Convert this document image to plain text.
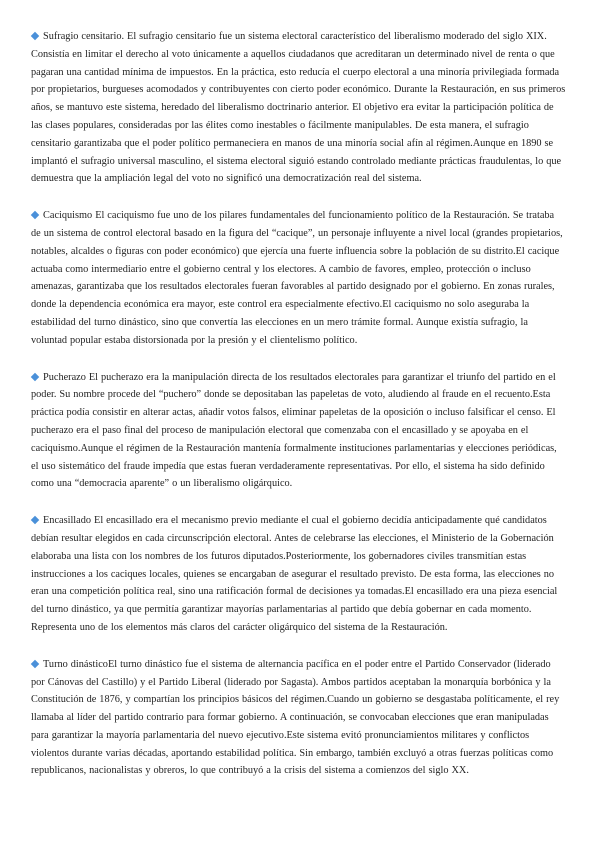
Sufragio censitario. El sufragio censitario fue un sistema electoral característico del liberalismo moderado del siglo XIX. Consistía en limitar el derecho al voto únicamente a aquellos ciudadanos que acreditaran un determinado nivel de renta o que pagaran una cantidad mínima de impuestos. En la práctica, esto reducía el cuerpo electoral a una minoría privilegiada formada por propietarios, burgueses acomodados y contribuyentes con cierto poder económico. Durante la Restauración, en sus primeros años, se mantuvo este sistema, heredado del liberalismo doctrinario anterior. El objetivo era evitar la participación política de las clases populares, consideradas por las élites como inestables o fácilmente manipulables. De esta manera, el sufragio censitario garantizaba que el poder político permaneciera en manos de una minoría social afín al régimen.Aunque en 1890 se implantó el sufragio universal masculino, el sistema electoral siguió estando controlado mediante prácticas fraudulentas, lo que demuestra que la ampliación legal del voto no significó una democratización real del sistema.

Caciquismo El caciquismo fue uno de los pilares fundamentales del funcionamiento político de la Restauración. Se trataba de un sistema de control electoral basado en la figura del “cacique”, un personaje influyente a nivel local (grandes propietarios, notables, alcaldes o figuras con poder económico) que ejercía una fuerte influencia sobre la población de su distrito.El cacique actuaba como intermediario entre el gobierno central y los electores. A cambio de favores, empleo, protección o incluso amenazas, garantizaba que los resultados electorales fueran favorables al partido designado por el gobierno. En zonas rurales, donde la dependencia económica era mayor, este control era especialmente efectivo.El caciquismo no solo aseguraba la estabilidad del turno dinástico, sino que convertía las elecciones en un mero trámite formal. Aunque existía sufragio, la voluntad popular estaba distorsionada por la presión y el clientelismo político.

Pucherazo El pucherazo era la manipulación directa de los resultados electorales para garantizar el triunfo del partido en el poder. Su nombre procede del “puchero” donde se depositaban las papeletas de voto, aludiendo al fraude en el recuento.Esta práctica podía consistir en alterar actas, añadir votos falsos, eliminar papeletas de la oposición o incluso falsificar el censo. El pucherazo era el paso final del proceso de manipulación electoral que comenzaba con el encasillado y se apoyaba en el caciquismo.Aunque el régimen de la Restauración mantenía formalmente instituciones parlamentarias y elecciones periódicas, el uso sistemático del fraude impedía que estas fueran verdaderamente representativas. Por ello, el sistema ha sido definido como una “democracia aparente” o un liberalismo oligárquico.

Encasillado El encasillado era el mecanismo previo mediante el cual el gobierno decidía anticipadamente qué candidatos debían resultar elegidos en cada circunscripción electoral. Antes de celebrarse las elecciones, el Ministerio de la Gobernación elaboraba una lista con los nombres de los futuros diputados.Posteriormente, los gobernadores civiles transmitían estas instrucciones a los caciques locales, quienes se encargaban de asegurar el resultado previsto. De esta forma, las elecciones no eran una competición política real, sino una ratificación formal de decisiones ya tomadas.El encasillado era una pieza esencial del turno dinástico, ya que permitía garantizar mayorías parlamentarias al partido que debía gobernar en cada momento. Representa uno de los elementos más claros del carácter oligárquico del sistema de la Restauración.

Turno dinásticoEl turno dinástico fue el sistema de alternancia pacífica en el poder entre el Partido Conservador (liderado por Cánovas del Castillo) y el Partido Liberal (liderado por Sagasta). Ambos partidos aceptaban la monarquía borbónica y la Constitución de 1876, y compartían los principios básicos del régimen.Cuando un gobierno se desgastaba políticamente, el rey llamaba al líder del partido contrario para formar gobierno. A continuación, se convocaban elecciones que eran manipuladas para garantizar la mayoría parlamentaria del nuevo ejecutivo.Este sistema evitó pronunciamientos militares y conflictos violentos durante varias décadas, aportando estabilidad política. Sin embargo, también excluyó a otras fuerzas políticas como republicanos, nacionalistas y obreros, lo que contribuyó a la crisis del sistema a comienzos del siglo XX.
